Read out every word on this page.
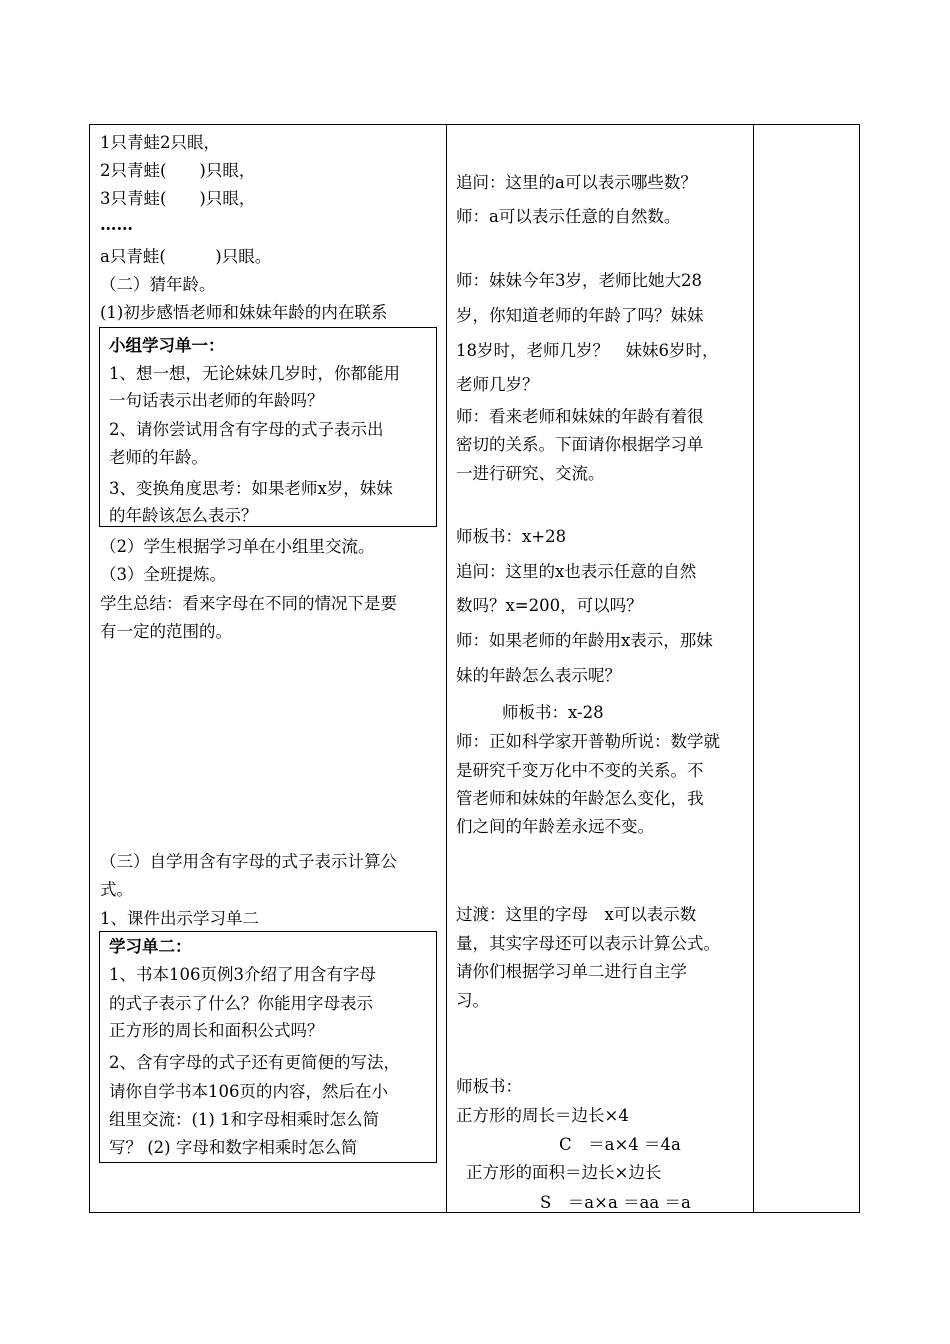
1只青蛙2只眼，
2只青蛙(　　)只眼，
3只青蛙(　　)只眼，
……
a只青蛙(　　　)只眼。
（二）猜年龄。
(1)初步感悟老师和妹妹年龄的内在联系
小组学习单一：
1、想一想，无论妹妹几岁时，你都能用
一句话表示出老师的年龄吗？
2、请你尝试用含有字母的式子表示出
老师的年龄。
3、变换角度思考：如果老师x岁，妹妹
的年龄该怎么表示？
（2）学生根据学习单在小组里交流。
（3）全班提炼。
学生总结：看来字母在不同的情况下是要
有一定的范围的。
（三）自学用含有字母的式子表示计算公
式。
1、课件出示学习单二
学习单二：
1、书本106页例3介绍了用含有字母
的式子表示了什么？你能用字母表示
正方形的周长和面积公式吗？
2、含有字母的式子还有更简便的写法，
请你自学书本106页的内容，然后在小
组里交流：(1) 1和字母相乘时怎么简
写？ (2) 字母和数字相乘时怎么简
追问：这里的a可以表示哪些数？
师：a可以表示任意的自然数。
师：妹妹今年3岁，老师比她大28
岁，你知道老师的年龄了吗？妹妹
18岁时，老师几岁？　妹妹6岁时，
老师几岁？
师：看来老师和妹妹的年龄有着很
密切的关系。下面请你根据学习单
一进行研究、交流。
师板书：x+28
追问：这里的x也表示任意的自然
数吗？x=200，可以吗？
师：如果老师的年龄用x表示，那妹
妹的年龄怎么表示呢？
师板书：x-28
师：正如科学家开普勒所说：数学就
是研究千变万化中不变的关系。不
管老师和妹妹的年龄怎么变化，我
们之间的年龄差永远不变。
过渡：这里的字母　x可以表示数
量，其实字母还可以表示计算公式。
请你们根据学习单二进行自主学
习。
师板书：
正方形的周长＝边长×4
C　＝a×4 ＝4a
正方形的面积＝边长×边长
S　＝a×a ＝aa ＝a
